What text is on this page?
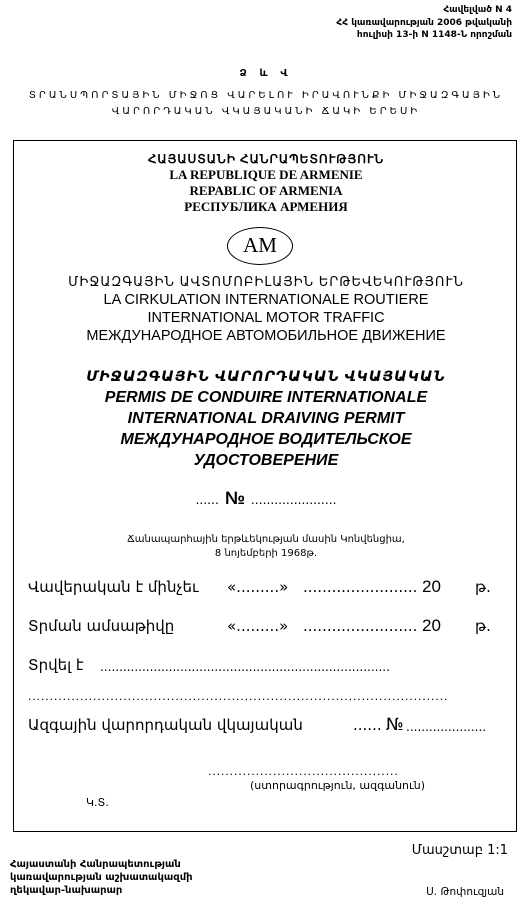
Հավելված N 4
ՀՀ կառավարության 2006 թվականի
հուլիսի 13-ի N 1148-Ն որոշման
Ձ և Վ
ՏՐԱՆՍՊՈՐՏԱՅԻՆ ՄԻՋՈՑ ՎԱՐԵԼՈՒ ԻՐԱՎՈՒՆՔԻ ՄԻՋԱԶԳԱՅԻՆ
ՎԱՐՈՐԴԱԿԱՆ ՎԿԱՅԱԿԱՆԻ ՃԱԿԻ ԵՐԵՍԻ
ՀԱՅԱՍՏԱՆԻ ՀԱՆՐԱՊԵՏՈՒԹՅՈՒՆ
LA REPUBLIQUE DE ARMENIE
REPABLIC OF ARMENIA
РЕСПУБЛИКА АРМЕНИЯ
AM
ՄԻՋԱԶԳԱՅԻՆ ԱՎՏՈՄՈԲԻԼԱՅԻՆ ԵՐԹԵՎԵԿՈՒԹՅՈՒՆ
LA CIRKULATION INTERNATIONALE ROUTIERE
INTERNATIONAL MOTOR TRAFFIC
МЕЖДУНАРОДНОЕ АВТОМОБИЛЬНОЕ ДВИЖЕНИЕ
ՄԻՋԱԶԳԱՅԻՆ ՎԱՐՈՐԴԱԿԱՆ ՎԿԱՅԱԿԱՆ
PERMIS DE CONDUIRE INTERNATIONALE
INTERNATIONAL DRAIVING PERMIT
МЕЖДУНАРОДНОЕ ВОДИТЕЛЬСКОЕ
УДОСТОВЕРЕНИЕ
...... № ......................
Ճանապարհային երթևեկության մասին Կոնվենցիա,
8 նոյեմբերի 1968թ.
Վավերական է մինչեւ «.........» ........................ 20 թ.
Տրման ամսաթիվը	«.........» ........................ 20 թ.
Տրվել է ............................................................................
.................................................................................................
Ազգային վարորդական վկայական	...... № .....................
............................................
(ստորագրություն, ազգանուն)
Կ.Տ.
Մասշտաբ 1:1
Հայաստանի Հանրապետության
կառավարության աշխատակազմի
ղեկավար-նախարար	Ս. Թոփուզյան
